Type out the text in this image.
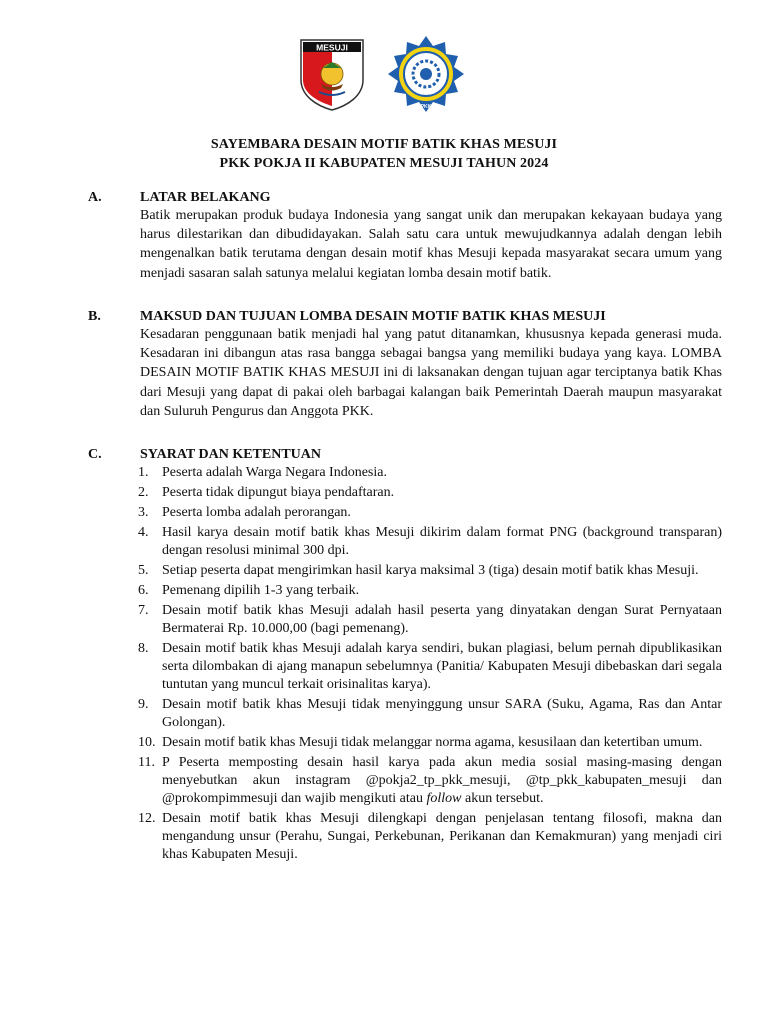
MESUJI
PKK
SAYEMBARA DESAIN MOTIF BATIK KHAS MESUJI
PKK POKJA II KABUPATEN MESUJI TAHUN 2024
A.	LATAR BELAKANG
Batik merupakan produk budaya Indonesia yang sangat unik dan merupakan kekayaan budaya yang harus dilestarikan dan dibudidayakan. Salah satu cara untuk mewujudkannya adalah dengan lebih mengenalkan batik terutama dengan desain motif khas Mesuji kepada masyarakat secara umum yang menjadi sasaran salah satunya melalui kegiatan lomba desain motif batik.
B.	MAKSUD DAN TUJUAN LOMBA DESAIN MOTIF BATIK KHAS MESUJI
Kesadaran penggunaan batik menjadi hal yang patut ditanamkan, khususnya kepada generasi muda. Kesadaran ini dibangun atas rasa bangga sebagai bangsa yang memiliki budaya yang kaya. LOMBA DESAIN MOTIF BATIK KHAS MESUJI ini di laksanakan dengan tujuan agar terciptanya batik Khas dari Mesuji yang dapat di pakai oleh barbagai kalangan baik Pemerintah Daerah maupun masyarakat dan Suluruh Pengurus dan Anggota PKK.
C.	SYARAT DAN KETENTUAN
1. Peserta adalah Warga Negara Indonesia.
2. Peserta tidak dipungut biaya pendaftaran.
3. Peserta lomba adalah perorangan.
4. Hasil karya desain motif batik khas Mesuji dikirim dalam format PNG (background transparan) dengan resolusi minimal 300 dpi.
5. Setiap peserta dapat mengirimkan hasil karya maksimal 3 (tiga) desain motif batik khas Mesuji.
6. Pemenang dipilih 1-3 yang terbaik.
7. Desain motif batik khas Mesuji adalah hasil peserta yang dinyatakan dengan Surat Pernyataan Bermaterai Rp. 10.000,00 (bagi pemenang).
8. Desain motif batik khas Mesuji adalah karya sendiri, bukan plagiasi, belum pernah dipublikasikan serta dilombakan di ajang manapun sebelumnya (Panitia/ Kabupaten Mesuji dibebaskan dari segala tuntutan yang muncul terkait orisinalitas karya).
9. Desain motif batik khas Mesuji tidak menyinggung unsur SARA (Suku, Agama, Ras dan Antar Golongan).
10. Desain motif batik khas Mesuji tidak melanggar norma agama, kesusilaan dan ketertiban umum.
11. P Peserta memposting desain hasil karya pada akun media sosial masing-masing dengan menyebutkan akun instagram @pokja2_tp_pkk_mesuji, @tp_pkk_kabupaten_mesuji dan @prokompimmesuji dan wajib mengikuti atau follow akun tersebut.
12. Desain motif batik khas Mesuji dilengkapi dengan penjelasan tentang filosofi, makna dan mengandung unsur (Perahu, Sungai, Perkebunan, Perikanan dan Kemakmuran) yang menjadi ciri khas Kabupaten Mesuji.
